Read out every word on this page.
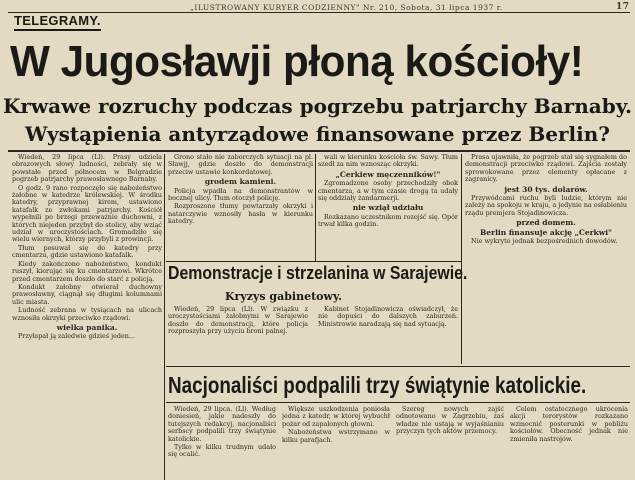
„ILUSTROWANY KURYER CODZIENNY" Nr. 210, Sobota, 31 lipca 1937 r.	17
TELEGRAMY.
W Jugosławji płoną kościoły!
Krwawe rozruchy podczas pogrzebu patrjarchy Barnaby.
Wystąpienia antyrządowe finansowane przez Berlin?

Wiedeń, 29 lipca (Ll). Prasy udziela obrazowych słowy ludności, zebrały się w powstałe przed północem w Belgradzie pogrzeb patrjarchy prawosławnego Barnaby.

O godz. 9 rano rozpoczęło się nabożeństwo żałobne w katedrze królewskiej. W środku katedry, przyprawnej kirem, ustawiono katafalk ze zwłokami patrjarchy. Kościół wypełnili po brzegi przeważnie duchowni, z których niejeden przybył do stolicy, aby wziąć udział w uroczystościach. Gromadziło się wielu wiernych, którzy przybyli z prowincji.

Tłum posuwał się do katedry przy cmentarzu, gdzie ustawiono katafalk.

Kiedy zakończono nabożeństwo, kondukt ruszył, kierując się ku cmentarzowi. Wkrótce przed cmentarzem doszło do starć z policją.

Kondukt żałobny otwierał duchowny prawosławny, ciągnął się długimi kolumnami ulic miasta.

Ludność zebrana w tysiącach na ulicach wznosiła okrzyki przeciwko rządowi.

wielka panika.

Przyłapał ją zaledwie gdzieś jeden...

Grono stało nie zaborczych sytuacji na pl. Sławjj, gdzie doszło do demonstracji przeciw ustawie konkordatowej.

grodem kamieni.

Policja wpadła na demonstrantów w bocznej ulicy. Tłum otoczył policję.

Rozproszone tłumy powtarzały okrzyki i natarczywie wznosiły hasła w kierunku katedry.

wali w kierunku kościoła św. Sawy. Tłum szedł za nim wznosząc okrzyki.

„Cerkiew męczenników!"

Zgromadzone osoby przechodziły obok cmentarza, a w tym czasie drogą ta udały się oddziały żandarmerji.

nie wziął udziału

Rozkazano uczestnikom rozejść się. Opór trwał kilka godzin.

Prasa ujawniła, że pogrzeb stał się sygnałem do demonstracji przeciwko rządowi. Zajścia zostały sprowokowane przez elementy opłacane z zagranicy.

jest 30 tys. dolarów.

Przywódcami ruchu byli ludzie, którym nie zależy na spokoju w kraju, a jedynie na osłabieniu rządu premjera Stojadinowicza.

przed domem.
Berlin finansuje akcję „Cerkwi"

Nie wykryto jednak bezpośrednich dowodów.

Demonstracje i strzelanina w Sarajewie.
Kryzys gabinetowy.

Wiedeń, 29 lipca (Ll). W związku z uroczystościami żałobnymi w Sarajewie doszło do demonstracji, które policja rozproszyła przy użyciu broni palnej.

Kabinet Stojadinowicza oświadczył, że nie dopuści do dalszych zaburzeń. Ministrowie naradzają się nad sytuacją.

Nacjonaliści podpalili trzy świątynie katolickie.

Wiedeń, 29 lipca. (Ll). Według doniesień, jakie nadeszły do tutejszych redakcyj, nacjonaliści serbscy podpalili trzy świątynie katolickie.

Tylko w kilku trudnym udało się ocalić.

Większe uszkodzenia poniosła jedna z katedr, w której wybuchł pożar od zapalonych głowni.

Nabożeństwa wstrzymano w kilku parafjach.

Szereg nowych zajść odnotowano w Zagrzebiu, zaś władze nie ustają w wyjaśnianiu przyczyn tych aktów przemocy.

Celem ostatecznego ukrócenia akcji terorystów rozkazano wzmocnić posterunki w pobliżu kościołów. Obecność jednak nie zmieniła nastrojów.
